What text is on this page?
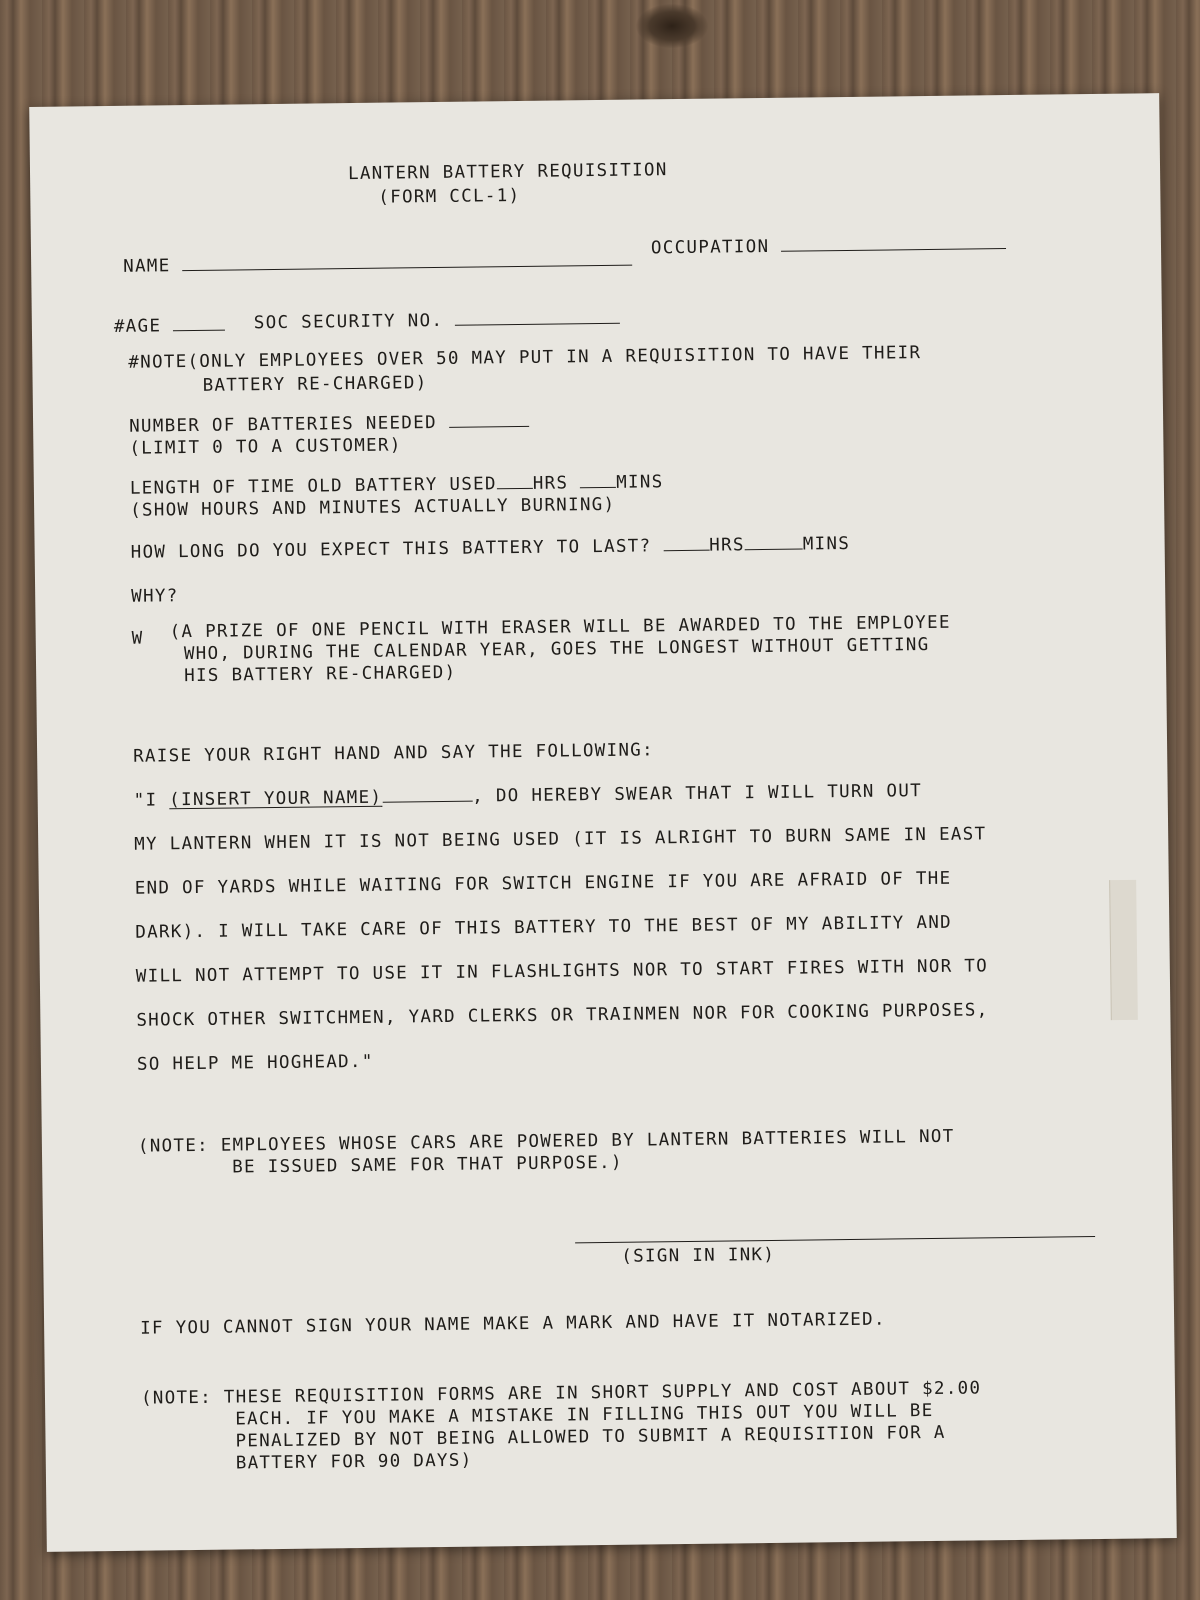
LANTERN BATTERY REQUISITION
(FORM CCL-1)
NAME
OCCUPATION
#AGE	SOC SECURITY NO.
#NOTE(ONLY EMPLOYEES OVER 50 MAY PUT IN A REQUISITION TO HAVE THEIR
BATTERY RE-CHARGED)
NUMBER OF BATTERIES NEEDED
(LIMIT 0 TO A CUSTOMER)
LENGTH OF TIME OLD BATTERY USED HRS	MINS
(SHOW HOURS AND MINUTES ACTUALLY BURNING)
HOW LONG DO YOU EXPECT THIS BATTERY TO LAST?	HRS	MINS
WHY?
W (A PRIZE OF ONE PENCIL WITH ERASER WILL BE AWARDED TO THE EMPLOYEE
WHO, DURING THE CALENDAR YEAR, GOES THE LONGEST WITHOUT GETTING
HIS BATTERY RE-CHARGED)
RAISE YOUR RIGHT HAND AND SAY THE FOLLOWING:
"I (INSERT YOUR NAME)	, DO HEREBY SWEAR THAT I WILL TURN OUT
MY LANTERN WHEN IT IS NOT BEING USED (IT IS ALRIGHT TO BURN SAME IN EAST
END OF YARDS WHILE WAITING FOR SWITCH ENGINE IF YOU ARE AFRAID OF THE
DARK). I WILL TAKE CARE OF THIS BATTERY TO THE BEST OF MY ABILITY AND
WILL NOT ATTEMPT TO USE IT IN FLASHLIGHTS NOR TO START FIRES WITH NOR TO
SHOCK OTHER SWITCHMEN, YARD CLERKS OR TRAINMEN NOR FOR COOKING PURPOSES,
SO HELP ME HOGHEAD."
(NOTE: EMPLOYEES WHOSE CARS ARE POWERED BY LANTERN BATTERIES WILL NOT
BE ISSUED SAME FOR THAT PURPOSE.)
(SIGN IN INK)
IF YOU CANNOT SIGN YOUR NAME MAKE A MARK AND HAVE IT NOTARIZED.
(NOTE: THESE REQUISITION FORMS ARE IN SHORT SUPPLY AND COST ABOUT $2.00
EACH. IF YOU MAKE A MISTAKE IN FILLING THIS OUT YOU WILL BE
PENALIZED BY NOT BEING ALLOWED TO SUBMIT A REQUISITION FOR A
BATTERY FOR 90 DAYS)
